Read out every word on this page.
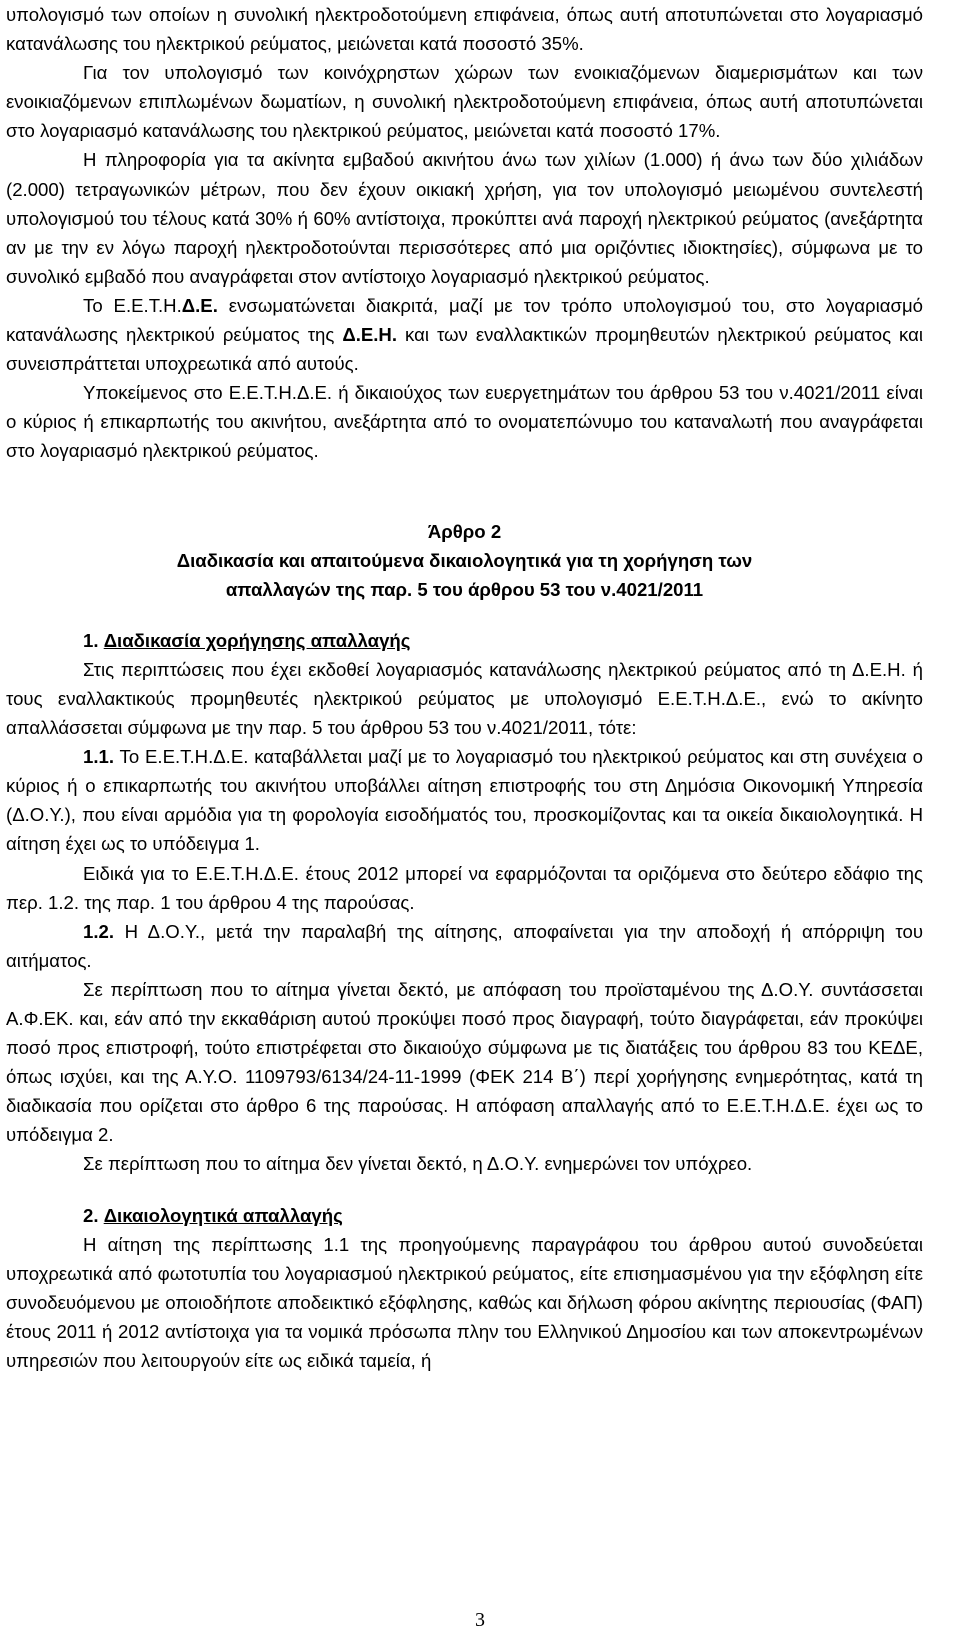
υπολογισμό των οποίων η συνολική ηλεκτροδοτούμενη επιφάνεια, όπως αυτή αποτυπώνεται στο λογαριασμό κατανάλωσης του ηλεκτρικού ρεύματος, μειώνεται κατά ποσοστό 35%.

Για τον υπολογισμό των κοινόχρηστων χώρων των ενοικιαζόμενων διαμερισμάτων και των ενοικιαζόμενων επιπλωμένων δωματίων, η συνολική ηλεκτροδοτούμενη επιφάνεια, όπως αυτή αποτυπώνεται στο λογαριασμό κατανάλωσης του ηλεκτρικού ρεύματος, μειώνεται κατά ποσοστό 17%.

Η πληροφορία για τα ακίνητα εμβαδού ακινήτου άνω των χιλίων (1.000) ή άνω των δύο χιλιάδων (2.000) τετραγωνικών μέτρων, που δεν έχουν οικιακή χρήση, για τον υπολογισμό μειωμένου συντελεστή υπολογισμού του τέλους κατά 30% ή 60% αντίστοιχα, προκύπτει ανά παροχή ηλεκτρικού ρεύματος (ανεξάρτητα αν με την εν λόγω παροχή ηλεκτροδοτούνται περισσότερες από μια οριζόντιες ιδιοκτησίες), σύμφωνα με το συνολικό εμβαδό που αναγράφεται στον αντίστοιχο λογαριασμό ηλεκτρικού ρεύματος.

Το Ε.Ε.Τ.Η.Δ.Ε. ενσωματώνεται διακριτά, μαζί με τον τρόπο υπολογισμού του, στο λογαριασμό κατανάλωσης ηλεκτρικού ρεύματος της Δ.Ε.Η. και των εναλλακτικών προμηθευτών ηλεκτρικού ρεύματος και συνεισπράττεται υποχρεωτικά από αυτούς.

Υποκείμενος στο Ε.Ε.Τ.Η.Δ.Ε. ή δικαιούχος των ευεργετημάτων του άρθρου 53 του ν.4021/2011 είναι ο κύριος ή επικαρπωτής του ακινήτου, ανεξάρτητα από το ονοματεπώνυμο του καταναλωτή που αναγράφεται στο λογαριασμό ηλεκτρικού ρεύματος.

Άρθρο 2
Διαδικασία και απαιτούμενα δικαιολογητικά για τη χορήγηση των
απαλλαγών της παρ. 5 του άρθρου 53 του ν.4021/2011

1. Διαδικασία χορήγησης απαλλαγής

Στις περιπτώσεις που έχει εκδοθεί λογαριασμός κατανάλωσης ηλεκτρικού ρεύματος από τη Δ.Ε.Η. ή τους εναλλακτικούς προμηθευτές ηλεκτρικού ρεύματος με υπολογισμό Ε.Ε.Τ.Η.Δ.Ε., ενώ το ακίνητο απαλλάσσεται σύμφωνα με την παρ. 5 του άρθρου 53 του ν.4021/2011, τότε:

1.1. Το Ε.Ε.Τ.Η.Δ.Ε. καταβάλλεται μαζί με το λογαριασμό του ηλεκτρικού ρεύματος και στη συνέχεια ο κύριος ή ο επικαρπωτής του ακινήτου υποβάλλει αίτηση επιστροφής του στη Δημόσια Οικονομική Υπηρεσία (Δ.Ο.Υ.), που είναι αρμόδια για τη φορολογία εισοδήματός του, προσκομίζοντας και τα οικεία δικαιολογητικά. Η αίτηση έχει ως το υπόδειγμα 1.

Ειδικά για το Ε.Ε.Τ.Η.Δ.Ε. έτους 2012 μπορεί να εφαρμόζονται τα οριζόμενα στο δεύτερο εδάφιο της περ. 1.2. της παρ. 1 του άρθρου 4 της παρούσας.

1.2. Η Δ.Ο.Υ., μετά την παραλαβή της αίτησης, αποφαίνεται για την αποδοχή ή απόρριψη του αιτήματος.

Σε περίπτωση που το αίτημα γίνεται δεκτό, με απόφαση του προϊσταμένου της Δ.Ο.Υ. συντάσσεται Α.Φ.ΕΚ. και, εάν από την εκκαθάριση αυτού προκύψει ποσό προς διαγραφή, τούτο διαγράφεται, εάν προκύψει ποσό προς επιστροφή, τούτο επιστρέφεται στο δικαιούχο σύμφωνα με τις διατάξεις του άρθρου 83 του ΚΕΔΕ, όπως ισχύει, και της Α.Υ.Ο. 1109793/6134/24-11-1999 (ΦΕΚ 214 Β΄) περί χορήγησης ενημερότητας, κατά τη διαδικασία που ορίζεται στο άρθρο 6 της παρούσας. Η απόφαση απαλλαγής από το Ε.Ε.Τ.Η.Δ.Ε. έχει ως το υπόδειγμα 2.

Σε περίπτωση που το αίτημα δεν γίνεται δεκτό, η Δ.Ο.Υ. ενημερώνει τον υπόχρεο.

2. Δικαιολογητικά απαλλαγής

Η αίτηση της περίπτωσης 1.1 της προηγούμενης παραγράφου του άρθρου αυτού συνοδεύεται υποχρεωτικά από φωτοτυπία του λογαριασμού ηλεκτρικού ρεύματος, είτε επισημασμένου για την εξόφληση είτε συνοδευόμενου με οποιοδήποτε αποδεικτικό εξόφλησης, καθώς και δήλωση φόρου ακίνητης περιουσίας (ΦΑΠ) έτους 2011 ή 2012 αντίστοιχα για τα νομικά πρόσωπα πλην του Ελληνικού Δημοσίου και των αποκεντρωμένων υπηρεσιών που λειτουργούν είτε ως ειδικά ταμεία, ή

3
